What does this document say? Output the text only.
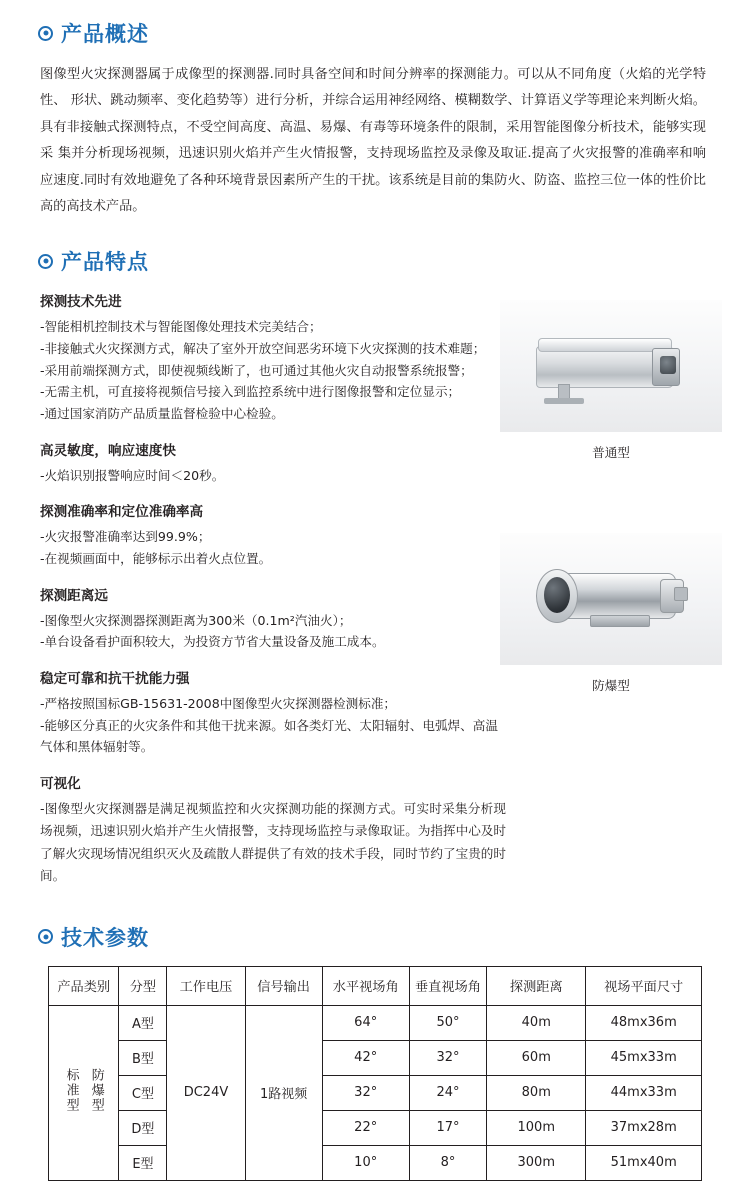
产品概述

图像型火灾探测器属于成像型的探测器.同时具备空间和时间分辨率的探测能力。可以从不同角度（火焰的光学特性、 形状、跳动频率、变化趋势等）进行分析，并综合运用神经网络、模糊数学、计算语义学等理论来判断火焰。具有非接触式探测特点，不受空间高度、高温、易爆、有毒等环境条件的限制，采用智能图像分析技术，能够实现采 集并分析现场视频，迅速识别火焰并产生火情报警，支持现场监控及录像及取证.提高了火灾报警的准确率和响应速度.同时有效地避免了各种环境背景因素所产生的干扰。该系统是目前的集防火、防盗、监控三位一体的性价比高的高技术产品。

产品特点
探测技术先进

-智能相机控制技术与智能图像处理技术完美结合；

-非接触式火灾探测方式，解决了室外开放空间恶劣环境下火灾探测的技术难题；

-采用前端探测方式，即使视频线断了，也可通过其他火灾自动报警系统报警；

-无需主机，可直接将视频信号接入到监控系统中进行图像报警和定位显示；

-通过国家消防产品质量监督检验中心检验。

高灵敏度，响应速度快

-火焰识别报警响应时间＜20秒。

探测准确率和定位准确率高

-火灾报警准确率达到99.9%；

-在视频画面中，能够标示出着火点位置。

探测距离远

-图像型火灾探测器探测距离为300米（0.1m²汽油火）；

-单台设备看护面积较大，为投资方节省大量设备及施工成本。

稳定可靠和抗干扰能力强

-严格按照国标GB-15631-2008中图像型火灾探测器检测标准；

-能够区分真正的火灾条件和其他干扰来源。如各类灯光、太阳辐射、电弧焊、高温气体和黑体辐射等。

可视化

-图像型火灾探测器是满足视频监控和火灾探测功能的探测方式。可实时采集分析现场视频，迅速识别火焰并产生火情报警，支持现场监控与录像取证。为指挥中心及时了解火灾现场情况组织灭火及疏散人群提供了有效的技术手段，同时节约了宝贵的时间。

普通型

防爆型

技术参数
产品类别	分型	工作电压	信号输出	水平视场角	垂直视场角	探测距离	视场平面尺寸
标准型 防爆型	A型	DC24V	1路视频	64°	50°	40m	48mx36m
	B型			42°	32°	60m	45mx33m
	C型			32°	24°	80m	44mx33m
	D型			22°	17°	100m	37mx28m
	E型			10°	8°	300m	51mx40m
